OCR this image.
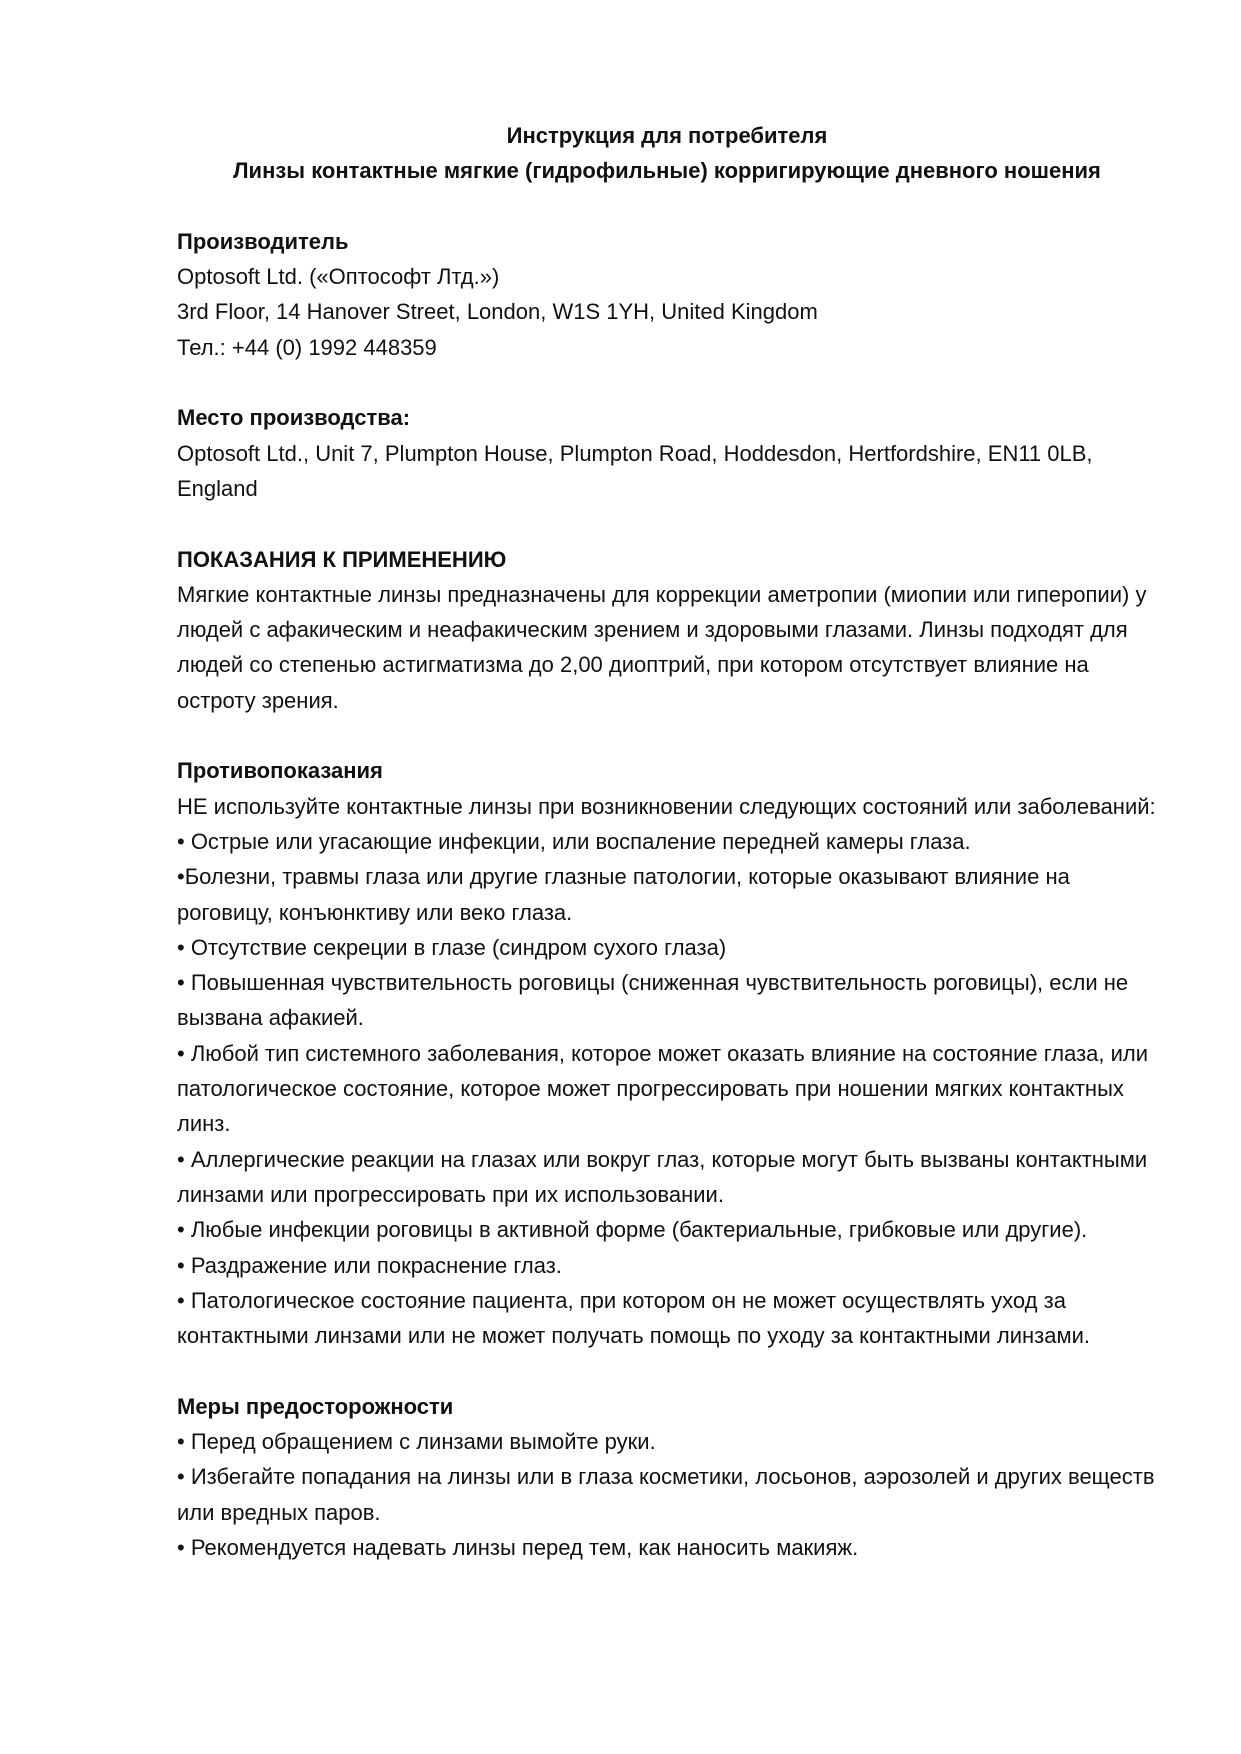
Инструкция для потребителя

Линзы контактные мягкие (гидрофильные) корригирующие дневного ношения

Производитель

Optosoft Ltd. («Оптософт Лтд.»)

3rd Floor, 14 Hanover Street, London, W1S 1YH, United Kingdom

Тел.: +44 (0) 1992 448359

Место производства:

Optosoft Ltd., Unit 7, Plumpton House, Plumpton Road, Hoddesdon, Hertfordshire, EN11 0LB, England

ПОКАЗАНИЯ К ПРИМЕНЕНИЮ

Мягкие контактные линзы предназначены для коррекции аметропии (миопии или гиперопии) у людей с афакическим и неафакическим зрением и здоровыми глазами. Линзы подходят для людей со степенью астигматизма до 2,00 диоптрий, при котором отсутствует влияние на остроту зрения.

Противопоказания

НЕ используйте контактные линзы при возникновении следующих состояний или заболеваний:

• Острые или угасающие инфекции, или воспаление передней камеры глаза.

•Болезни, травмы глаза или другие глазные патологии, которые оказывают влияние на роговицу, конъюнктиву или веко глаза.

• Отсутствие секреции в глазе (синдром сухого глаза)

• Повышенная чувствительность роговицы (сниженная чувствительность роговицы), если не вызвана афакией.

• Любой тип системного заболевания, которое может оказать влияние на состояние глаза, или патологическое состояние, которое может прогрессировать при ношении мягких контактных линз.

• Аллергические реакции на глазах или вокруг глаз, которые могут быть вызваны контактными линзами или прогрессировать при их использовании.

• Любые инфекции роговицы в активной форме (бактериальные, грибковые или другие).

• Раздражение или покраснение глаз.

• Патологическое состояние пациента, при котором он не может осуществлять уход за контактными линзами или не может получать помощь по уходу за контактными линзами.

Меры предосторожности

• Перед обращением с линзами вымойте руки.

• Избегайте попадания на линзы или в глаза косметики, лосьонов, аэрозолей и других веществ или вредных паров.

• Рекомендуется надевать линзы перед тем, как наносить макияж.
